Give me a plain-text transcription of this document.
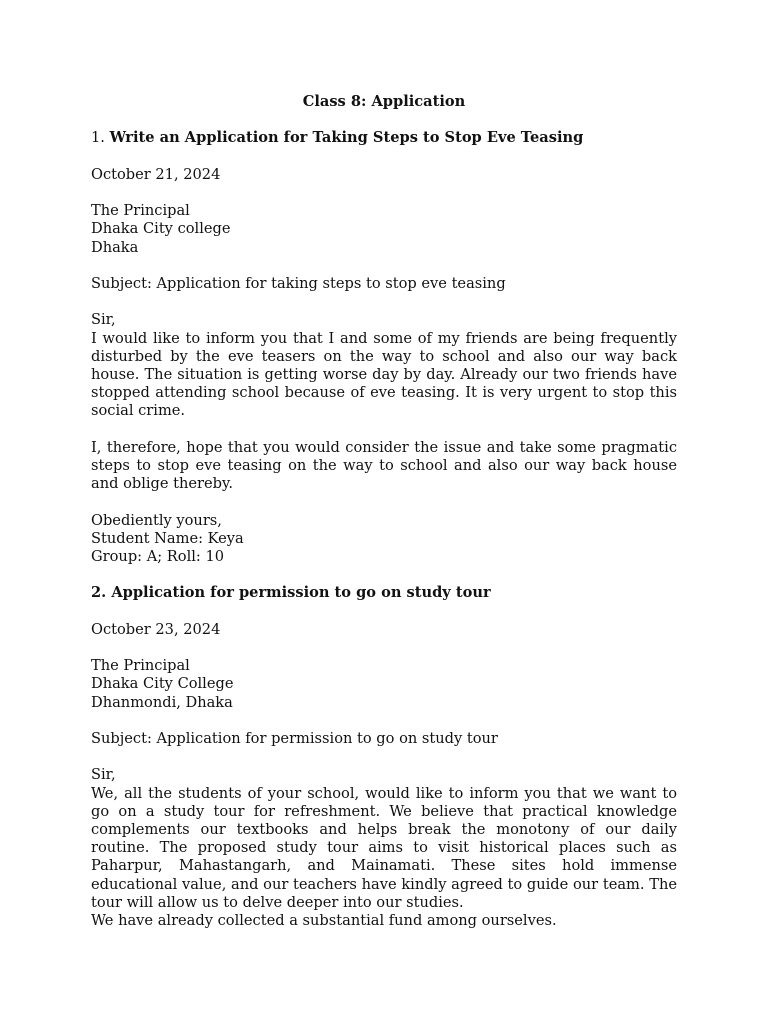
Class 8: Application

1. Write an Application for Taking Steps to Stop Eve Teasing

October 21, 2024

The Principal
Dhaka City college
Dhaka

Subject: Application for taking steps to stop eve teasing

Sir,

I would like to inform you that I and some of my friends are being frequently disturbed by the eve teasers on the way to school and also our way back house. The situation is getting worse day by day. Already our two friends have stopped attending school because of eve teasing. It is very urgent to stop this social crime.

I, therefore, hope that you would consider the issue and take some pragmatic steps to stop eve teasing on the way to school and also our way back house and oblige thereby.

Obediently yours,
Student Name: Keya
Group: A; Roll: 10

2. Application for permission to go on study tour

October 23, 2024

The Principal
Dhaka City College
Dhanmondi, Dhaka

Subject: Application for permission to go on study tour

Sir,

We, all the students of your school, would like to inform you that we want to go on a study tour for refreshment. We believe that practical knowledge complements our textbooks and helps break the monotony of our daily routine. The proposed study tour aims to visit historical places such as Paharpur, Mahastangarh, and Mainamati. These sites hold immense educational value, and our teachers have kindly agreed to guide our team. The tour will allow us to delve deeper into our studies.

We have already collected a substantial fund among ourselves.
